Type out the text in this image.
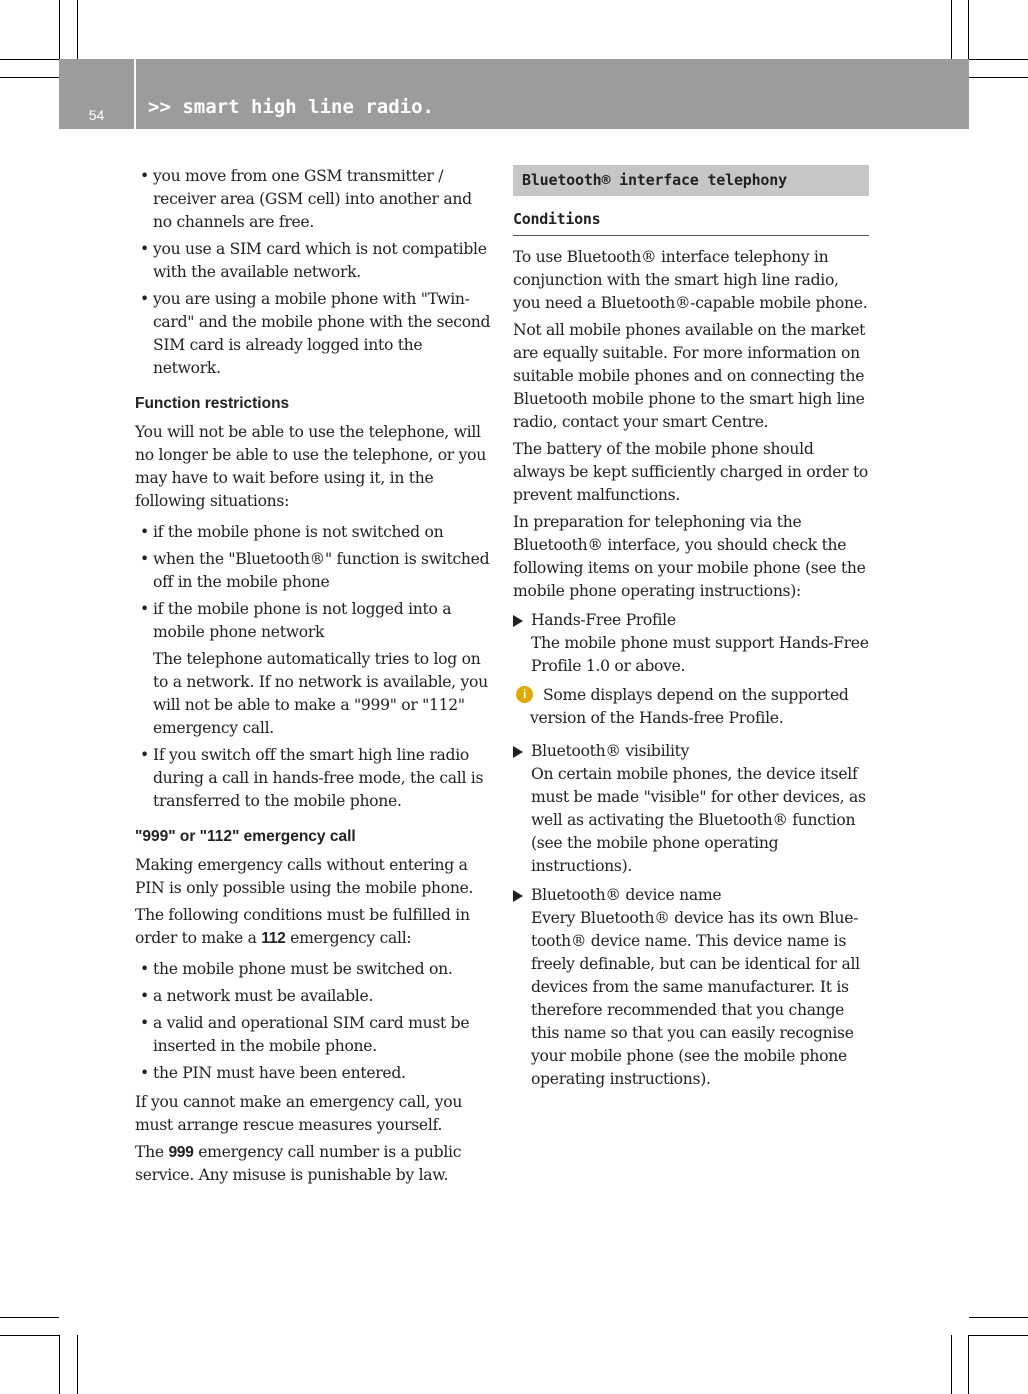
54	>> smart high line radio.
• you move from one GSM transmitter / receiver area (GSM cell) into another and no channels are free.
• you use a SIM card which is not compatible with the available network.
• you are using a mobile phone with "Twincard" and the mobile phone with the second SIM card is already logged into the network.
Function restrictions

You will not be able to use the telephone, will no longer be able to use the telephone, or you may have to wait before using it, in the following situations:

• if the mobile phone is not switched on
• when the "Bluetooth®" function is switched off in the mobile phone
• if the mobile phone is not logged into a mobile phone network
The telephone automatically tries to log on to a network. If no network is available, you will not be able to make a "999" or "112" emergency call.
• If you switch off the smart high line radio during a call in hands-free mode, the call is transferred to the mobile phone.
"999" or "112" emergency call

Making emergency calls without entering a PIN is only possible using the mobile phone.

The following conditions must be fulfilled in order to make a 112 emergency call:

• the mobile phone must be switched on.
• a network must be available.
• a valid and operational SIM card must be inserted in the mobile phone.
• the PIN must have been entered.

If you cannot make an emergency call, you must arrange rescue measures yourself.

The 999 emergency call number is a public service. Any misuse is punishable by law.

Bluetooth® interface telephony
Conditions

To use Bluetooth® interface telephony in conjunction with the smart high line radio, you need a Bluetooth®-capable mobile phone.

Not all mobile phones available on the market are equally suitable. For more information on suitable mobile phones and on connecting the Bluetooth mobile phone to the smart high line radio, contact your smart Centre.

The battery of the mobile phone should always be kept sufficiently charged in order to prevent malfunctions.

In preparation for telephoning via the Bluetooth® interface, you should check the following items on your mobile phone (see the mobile phone operating instructions):

Hands-Free Profile
The mobile phone must support Hands-Free Profile 1.0 or above.
i	Some displays depend on the supported version of the Hands-free Profile.
Bluetooth® visibility
On certain mobile phones, the device itself must be made "visible" for other devices, as well as activating the Bluetooth® function (see the mobile phone operating instructions).
Bluetooth® device name
Every Bluetooth® device has its own Bluetooth® device name. This device name is freely definable, but can be identical for all devices from the same manufacturer. It is therefore recommended that you change this name so that you can easily recognise your mobile phone (see the mobile phone operating instructions).
